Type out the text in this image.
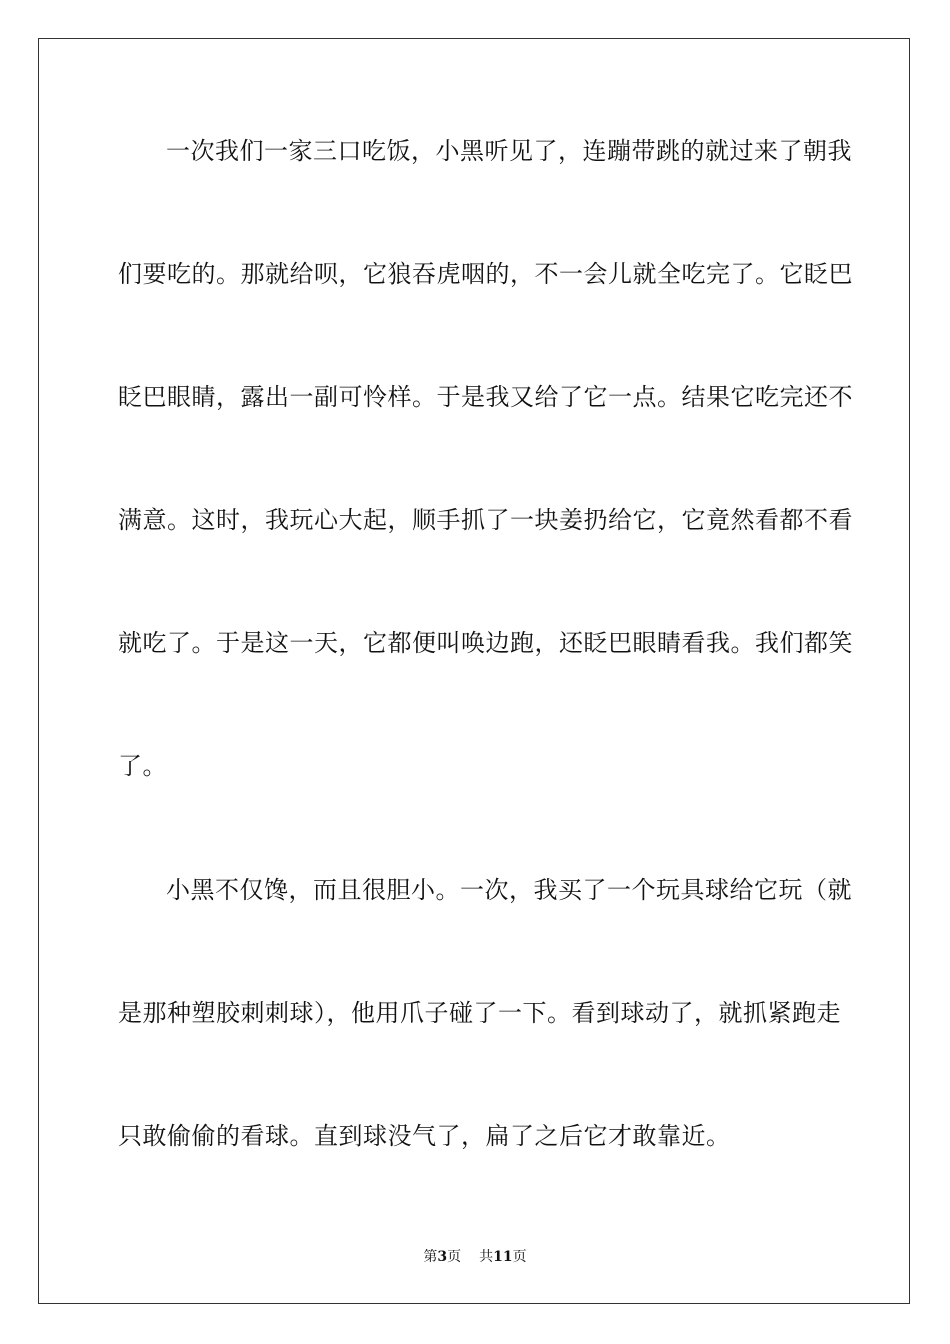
一次我们一家三口吃饭，小黑听见了，连蹦带跳的就过来了朝我
们要吃的。那就给呗，它狼吞虎咽的，不一会儿就全吃完了。它眨巴
眨巴眼睛，露出一副可怜样。于是我又给了它一点。结果它吃完还不
满意。这时，我玩心大起，顺手抓了一块姜扔给它，它竟然看都不看
就吃了。于是这一天，它都便叫唤边跑，还眨巴眼睛看我。我们都笑
了。
小黑不仅馋，而且很胆小。一次，我买了一个玩具球给它玩（就
是那种塑胶刺刺球），他用爪子碰了一下。看到球动了，就抓紧跑走
只敢偷偷的看球。直到球没气了，扁了之后它才敢靠近。
第3页 共11页
